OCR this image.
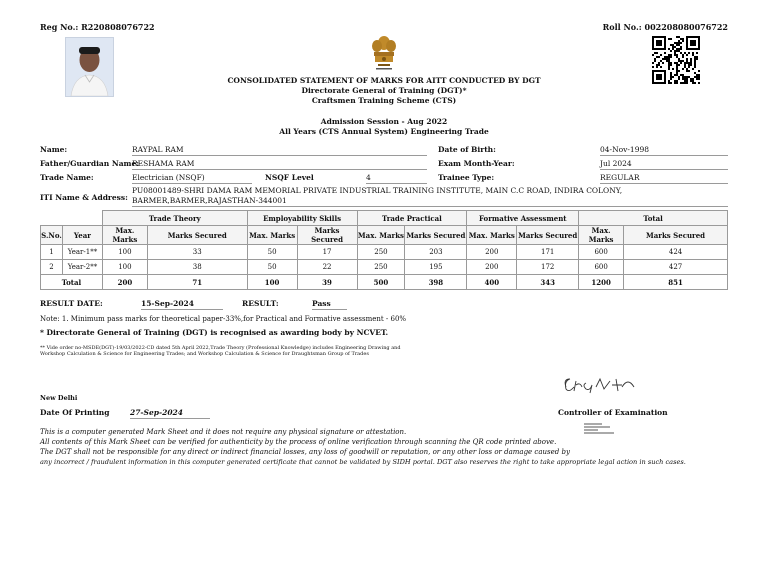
Reg No.: R220808076722	Roll No.: 002208080076722
CONSOLIDATED STATEMENT OF MARKS FOR AITT CONDUCTED BY DGT
Directorate General of Training (DGT)*
Craftsmen Training Scheme (CTS)
Admission Session - Aug 2022
All Years (CTS Annual System) Engineering Trade
Name:	RAYPAL RAM	Date of Birth:	04-Nov-1998
Father/Guardian Name:
RESHAMA RAM	Exam Month-Year:	Jul 2024
Trade Name:	Electrician (NSQF)	NSQF Level	4	Trainee Type:	REGULAR
ITI Name & Address:
PU08001489-SHRI DAMA RAM MEMORIAL PRIVATE INDUSTRIAL TRAINING INSTITUTE, MAIN C.C ROAD, INDIRA COLONY,
BARMER,BARMER,RAJASTHAN-344001
		Trade Theory		Employability Skills		Trade Practical		Formative Assessment		Total	
S.No.	Year	Max. Marks	Marks Secured	Max. Marks	Marks Secured	Max. Marks	Marks Secured	Max. Marks	Marks Secured	Max. Marks	Marks Secured
1	Year-1**	100	33	50	17	250	203	200	171	600	424
2	Year-2**	100	38	50	22	250	195	200	172	600	427
Total		200	71	100	39	500	398	400	343	1200	851
RESULT DATE:	15-Sep-2024	RESULT:	Pass
Note: 1. Minimum pass marks for theoretical paper-33%,for Practical and Formative assessment - 60%
* Directorate General of Training (DGT) is recognised as awarding body by NCVET.
** Vide order no-MSDE(DGT)-19/03/2022-CD dated 5th April 2022,Trade Theory (Professional Knowledge) includes Engineering Drawing and
Workshop Calculation & Science for Engineering Trades; and Workshop Calculation & Science for Draughtsman Group of Trades
New Delhi
Date Of Printing	27-Sep-2024	Controller of Examination
This is a computer generated Mark Sheet and it does not require any physical signature or attestation.
All contents of this Mark Sheet can be verified for authenticity by the process of online verification through scanning the QR code printed above.
The DGT shall not be responsible for any direct or indirect financial losses, any loss of goodwill or reputation, or any other loss or damage caused by
any incorrect / fraudulent information in this computer generated certificate that cannot be validated by SIDH portal. DGT also reserves the right to take appropriate legal action in such cases.
